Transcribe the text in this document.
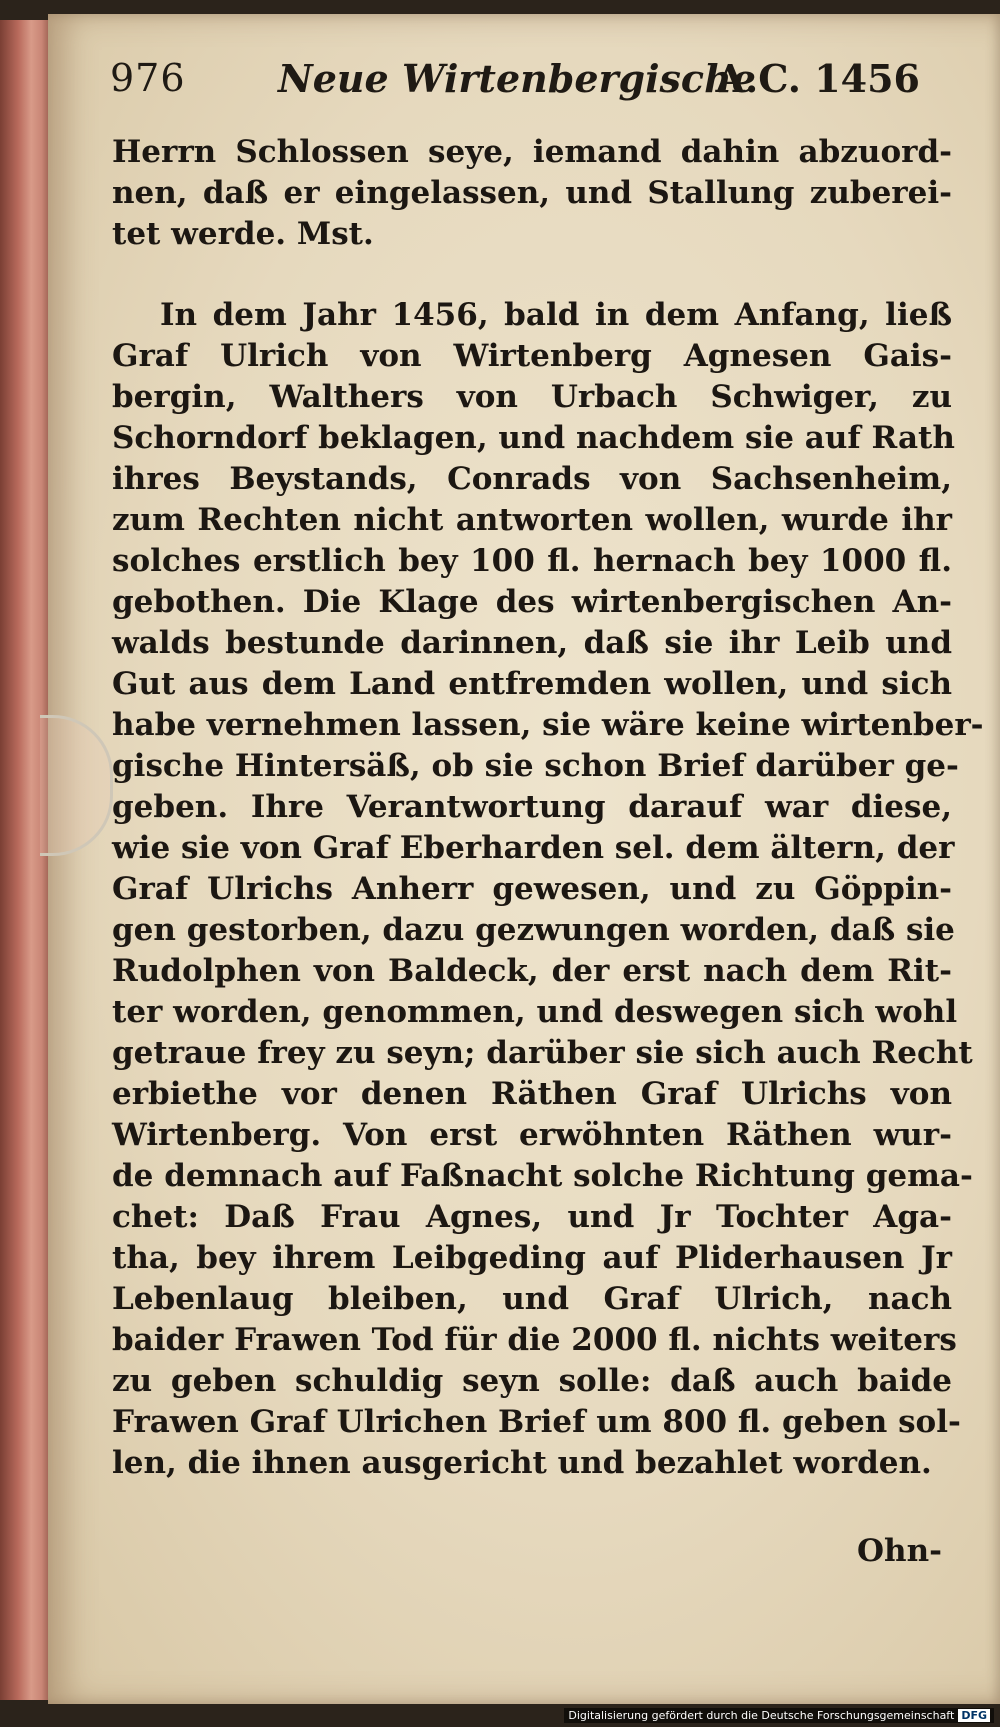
976 Neue Wirtenbergische
A.C. 1456
Herrn Schlossen seye, iemand dahin abzuord-
nen, daß er eingelassen, und Stallung zuberei-
tet werde. Mst.
In dem Jahr 1456, bald in dem Anfang, ließ
Graf Ulrich von Wirtenberg Agnesen Gais-
bergin, Walthers von Urbach Schwiger, zu
Schorndorf beklagen, und nachdem sie auf Rath
ihres Beystands, Conrads von Sachsenheim,
zum Rechten nicht antworten wollen, wurde ihr
solches erstlich bey 100 fl. hernach bey 1000 fl.
gebothen. Die Klage des wirtenbergischen An-
walds bestunde darinnen, daß sie ihr Leib und
Gut aus dem Land entfremden wollen, und sich
habe vernehmen lassen, sie wäre keine wirtenber-
gische Hintersäß, ob sie schon Brief darüber ge-
geben. Ihre Verantwortung darauf war diese,
wie sie von Graf Eberharden sel. dem ältern, der
Graf Ulrichs Anherr gewesen, und zu Göppin-
gen gestorben, dazu gezwungen worden, daß sie
Rudolphen von Baldeck, der erst nach dem Rit-
ter worden, genommen, und deswegen sich wohl
getraue frey zu seyn; darüber sie sich auch Recht
erbiethe vor denen Räthen Graf Ulrichs von
Wirtenberg. Von erst erwöhnten Räthen wur-
de demnach auf Faßnacht solche Richtung gema-
chet: Daß Frau Agnes, und Jr Tochter Aga-
tha, bey ihrem Leibgeding auf Pliderhausen Jr
Lebenlaug bleiben, und Graf Ulrich, nach
baider Frawen Tod für die 2000 fl. nichts weiters
zu geben schuldig seyn solle: daß auch baide
Frawen Graf Ulrichen Brief um 800 fl. geben sol-
len, die ihnen ausgericht und bezahlet worden.
Ohn-
Digitalisierung gefördert durch die Deutsche Forschungsgemeinschaft DFG
